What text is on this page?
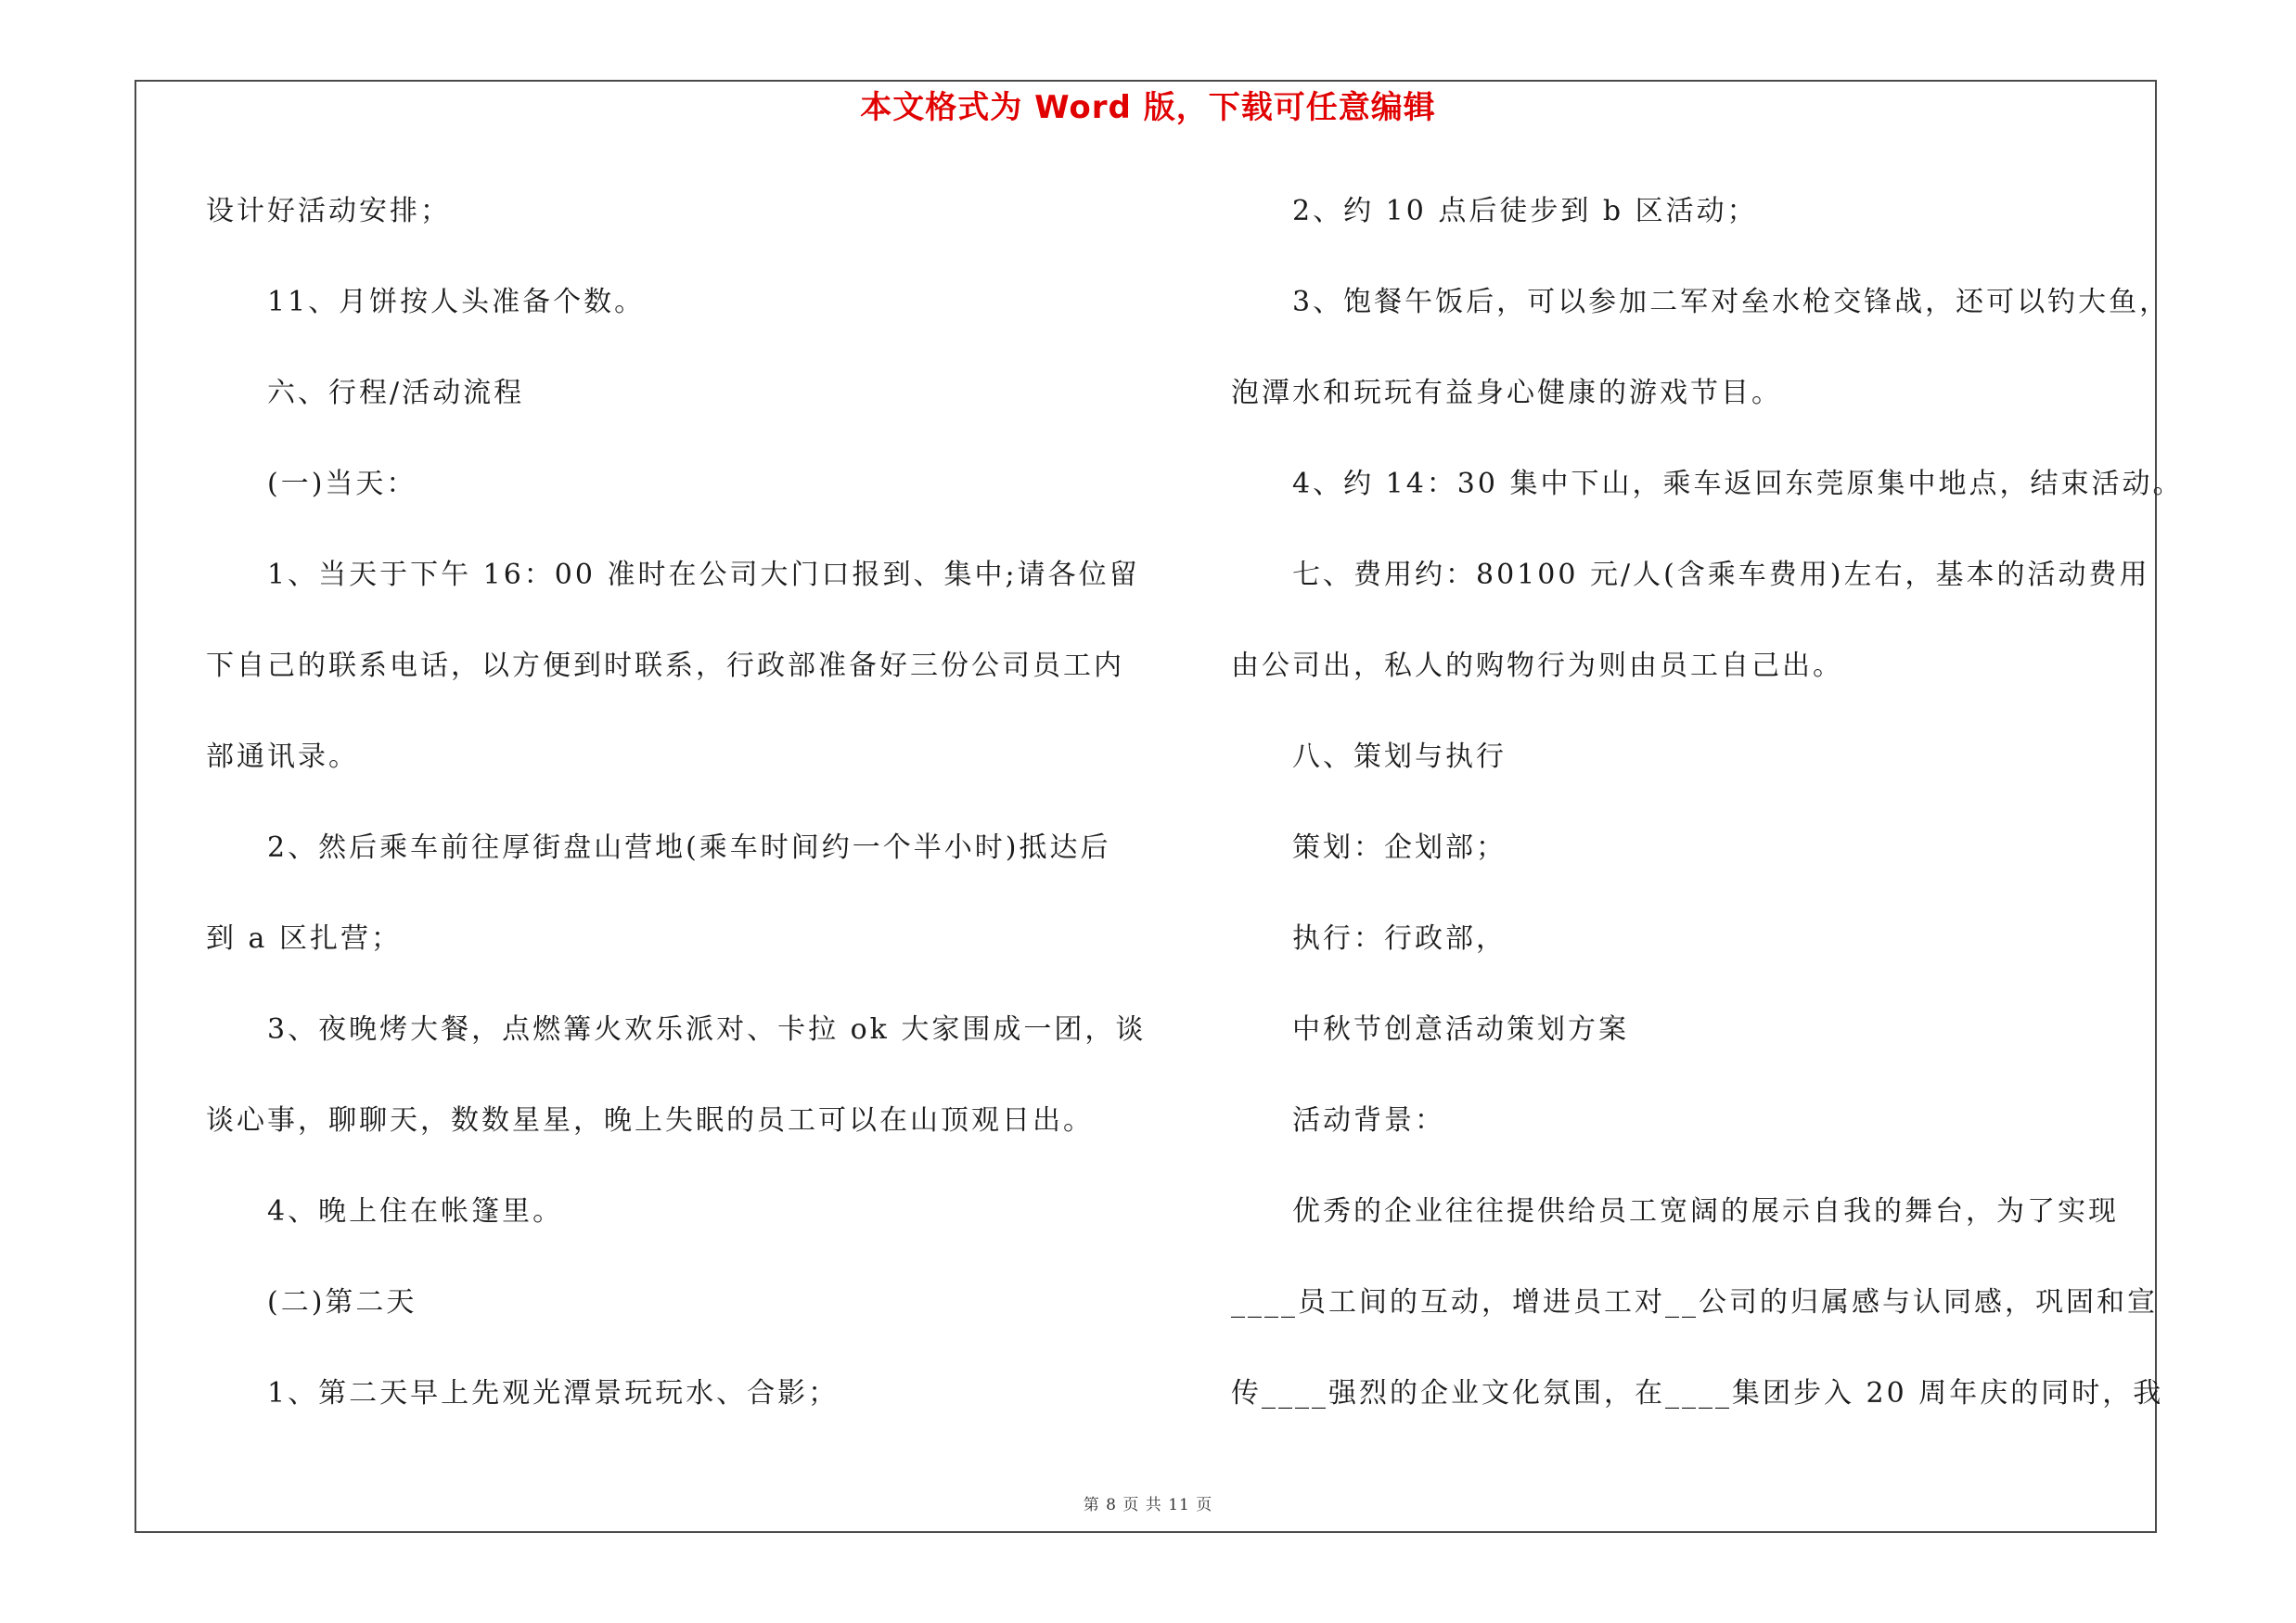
本文格式为 Word 版，下载可任意编辑
设计好活动安排；
11、月饼按人头准备个数。
六、行程/活动流程
(一)当天：
1、当天于下午 16：00 准时在公司大门口报到、集中;请各位留
下自己的联系电话，以方便到时联系，行政部准备好三份公司员工内
部通讯录。
2、然后乘车前往厚街盘山营地(乘车时间约一个半小时)抵达后
到 a 区扎营；
3、夜晚烤大餐，点燃篝火欢乐派对、卡拉 ok 大家围成一团，谈
谈心事，聊聊天，数数星星，晚上失眠的员工可以在山顶观日出。
4、晚上住在帐篷里。
(二)第二天
1、第二天早上先观光潭景玩玩水、合影；
2、约 10 点后徒步到 b 区活动；
3、饱餐午饭后，可以参加二军对垒水枪交锋战，还可以钓大鱼，
泡潭水和玩玩有益身心健康的游戏节目。
4、约 14：30 集中下山，乘车返回东莞原集中地点，结束活动。
七、费用约：80100 元/人(含乘车费用)左右，基本的活动费用
由公司出，私人的购物行为则由员工自己出。
八、策划与执行
策划：企划部；
执行：行政部，
中秋节创意活动策划方案
活动背景：
优秀的企业往往提供给员工宽阔的展示自我的舞台，为了实现
____员工间的互动，增进员工对__公司的归属感与认同感，巩固和宣
传____强烈的企业文化氛围，在____集团步入 20 周年庆的同时，我
第 8 页 共 11 页
